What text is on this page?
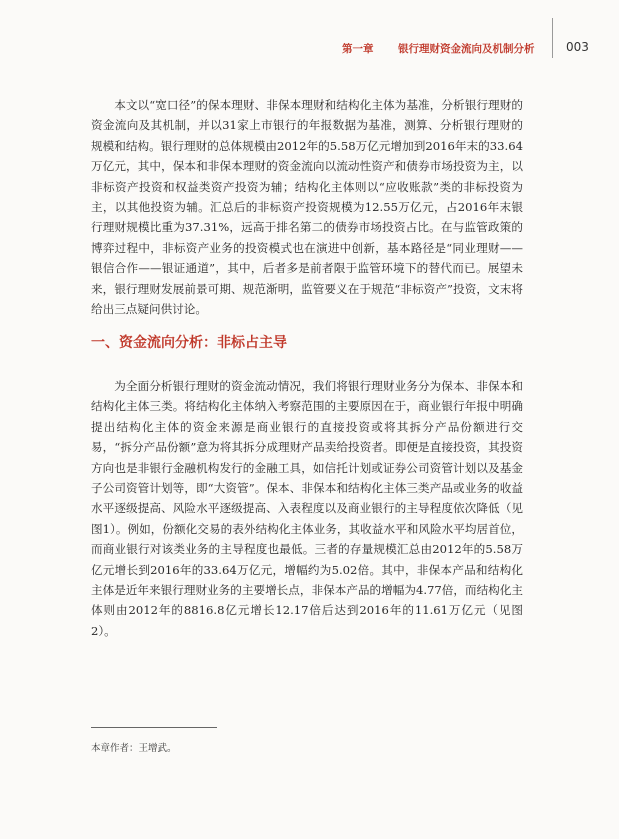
第一章 银行理财资金流向及机制分析	003

本文以“宽口径”的保本理财、非保本理财和结构化主体为基准，分析银行理财的资金流向及其机制，并以31家上市银行的年报数据为基准，测算、分析银行理财的规模和结构。银行理财的总体规模由2012年的5.58万亿元增加到2016年末的33.64万亿元，其中，保本和非保本理财的资金流向以流动性资产和债券市场投资为主，以非标资产投资和权益类资产投资为辅；结构化主体则以“应收账款”类的非标投资为主，以其他投资为辅。汇总后的非标资产投资规模为12.55万亿元，占2016年末银行理财规模比重为37.31%，远高于排名第二的债券市场投资占比。在与监管政策的博弈过程中，非标资产业务的投资模式也在演进中创新，基本路径是“同业理财——银信合作——银证通道”，其中，后者多是前者限于监管环境下的替代而已。展望未来，银行理财发展前景可期、规范渐明，监管要义在于规范“非标资产”投资，文末将给出三点疑问供讨论。

一、资金流向分析：非标占主导

为全面分析银行理财的资金流动情况，我们将银行理财业务分为保本、非保本和结构化主体三类。将结构化主体纳入考察范围的主要原因在于，商业银行年报中明确提出结构化主体的资金来源是商业银行的直接投资或将其拆分产品份额进行交易，“拆分产品份额”意为将其拆分成理财产品卖给投资者。即便是直接投资，其投资方向也是非银行金融机构发行的金融工具，如信托计划或证券公司资管计划以及基金子公司资管计划等，即“大资管”。保本、非保本和结构化主体三类产品或业务的收益水平逐级提高、风险水平逐级提高、入表程度以及商业银行的主导程度依次降低（见图1）。例如，份额化交易的表外结构化主体业务，其收益水平和风险水平均居首位，而商业银行对该类业务的主导程度也最低。三者的存量规模汇总由2012年的5.58万亿元增长到2016年的33.64万亿元，增幅约为5.02倍。其中，非保本产品和结构化主体是近年来银行理财业务的主要增长点，非保本产品的增幅为4.77倍，而结构化主体则由2012年的8816.8亿元增长12.17倍后达到2016年的11.61万亿元（见图2）。

本章作者：王增武。
